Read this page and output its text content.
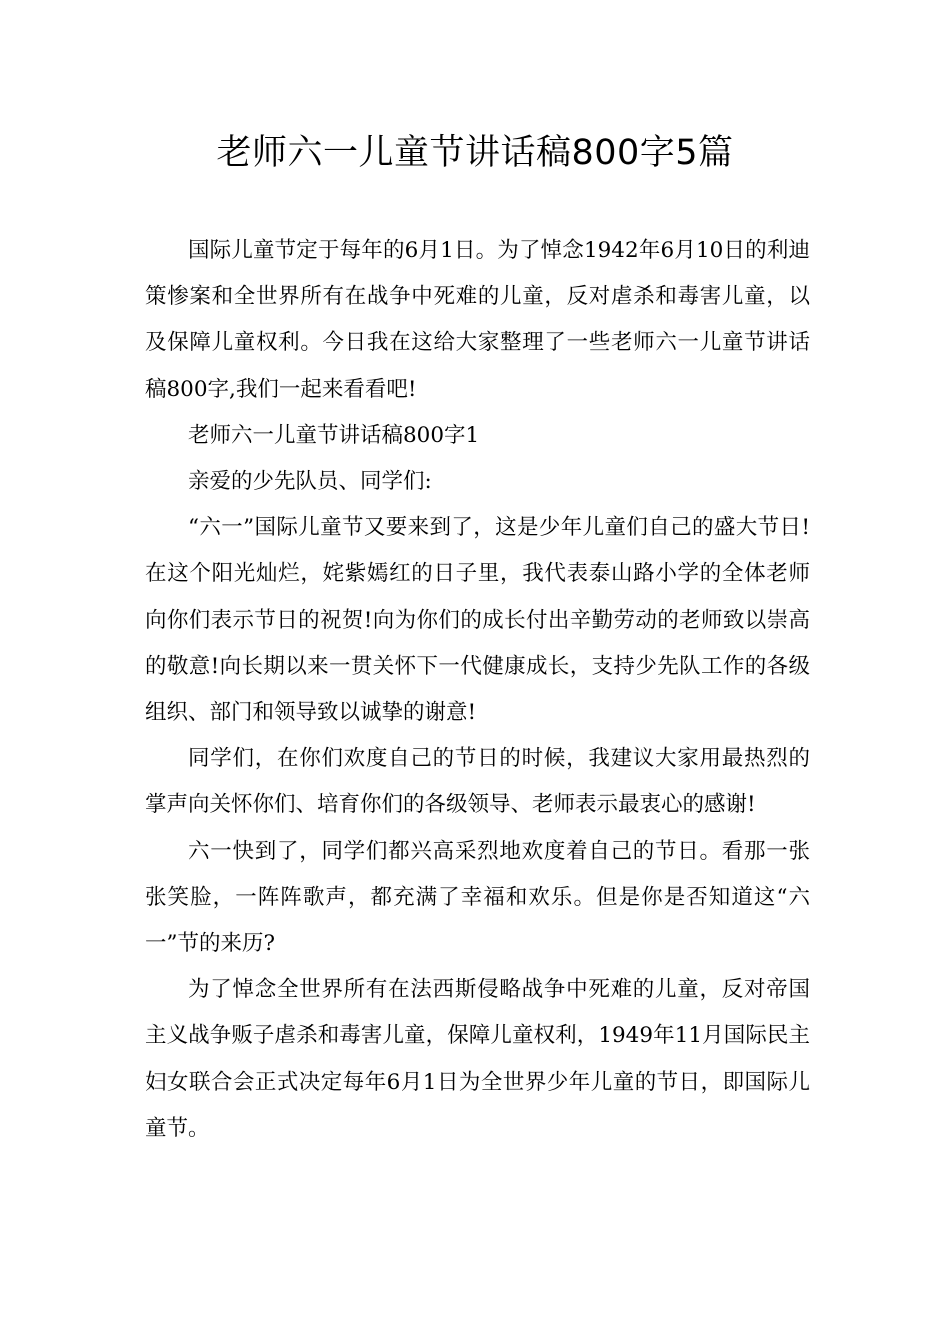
老师六一儿童节讲话稿800字5篇

国际儿童节定于每年的6月1日。为了悼念1942年6月10日的利迪策惨案和全世界所有在战争中死难的儿童，反对虐杀和毒害儿童，以及保障儿童权利。今日我在这给大家整理了一些老师六一儿童节讲话稿800字,我们一起来看看吧!

老师六一儿童节讲话稿800字1

亲爱的少先队员、同学们:

“六一”国际儿童节又要来到了，这是少年儿童们自己的盛大节日!在这个阳光灿烂，姹紫嫣红的日子里，我代表泰山路小学的全体老师向你们表示节日的祝贺!向为你们的成长付出辛勤劳动的老师致以崇高的敬意!向长期以来一贯关怀下一代健康成长，支持少先队工作的各级组织、部门和领导致以诚挚的谢意!

同学们，在你们欢度自己的节日的时候，我建议大家用最热烈的掌声向关怀你们、培育你们的各级领导、老师表示最衷心的感谢!

六一快到了，同学们都兴高采烈地欢度着自己的节日。看那一张张笑脸，一阵阵歌声，都充满了幸福和欢乐。但是你是否知道这“六一”节的来历?

为了悼念全世界所有在法西斯侵略战争中死难的儿童，反对帝国主义战争贩子虐杀和毒害儿童，保障儿童权利，1949年11月国际民主妇女联合会正式决定每年6月1日为全世界少年儿童的节日，即国际儿童节。
